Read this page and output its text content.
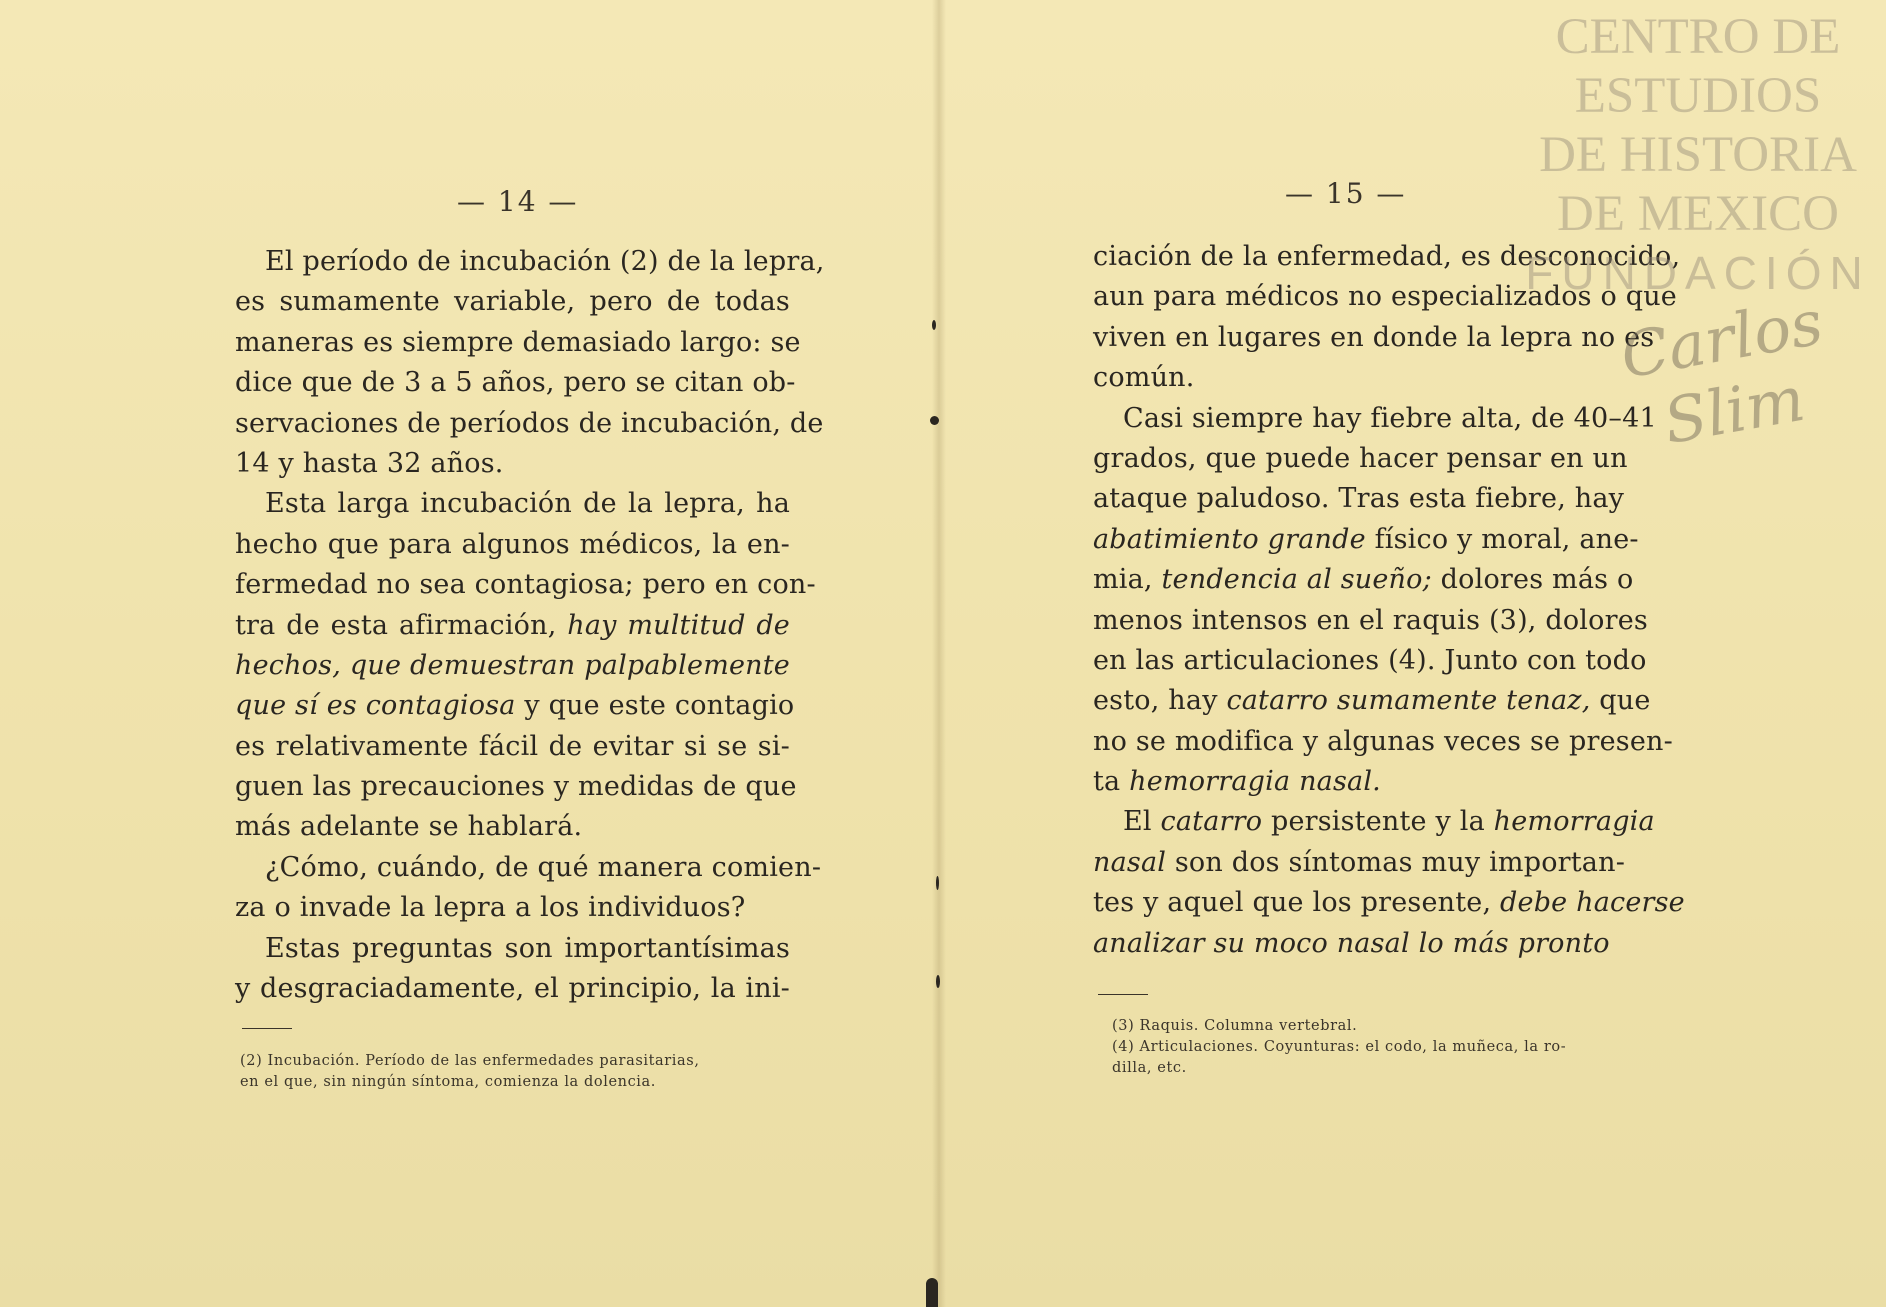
— 14 —
El período de incubación (2) de la lepra,
es sumamente variable, pero de todas
maneras es siempre demasiado largo: se
dice que de 3 a 5 años, pero se citan ob-
servaciones de períodos de incubación, de
14 y hasta 32 años.
Esta larga incubación de la lepra, ha
hecho que para algunos médicos, la en-
fermedad no sea contagiosa; pero en con-
tra de esta afirmación, hay multitud de
hechos, que demuestran palpablemente
que sí es contagiosa y que este contagio
es relativamente fácil de evitar si se si-
guen las precauciones y medidas de que
más adelante se hablará.
¿Cómo, cuándo, de qué manera comien-
za o invade la lepra a los individuos?
Estas preguntas son importantísimas
y desgraciadamente, el principio, la ini-
(2) Incubación. Período de las enfermedades parasitarias,
en el que, sin ningún síntoma, comienza la dolencia.
— 15 —
ciación de la enfermedad, es desconocido,
aun para médicos no especializados o que
viven en lugares en donde la lepra no es
común.
Casi siempre hay fiebre alta, de 40–41
grados, que puede hacer pensar en un
ataque paludoso. Tras esta fiebre, hay
abatimiento grande físico y moral, ane-
mia, tendencia al sueño; dolores más o
menos intensos en el raquis (3), dolores
en las articulaciones (4). Junto con todo
esto, hay catarro sumamente tenaz, que
no se modifica y algunas veces se presen-
ta hemorragia nasal.
El catarro persistente y la hemorragia
nasal son dos síntomas muy importan-
tes y aquel que los presente, debe hacerse
analizar su moco nasal lo más pronto
(3) Raquis. Columna vertebral.
(4) Articulaciones. Coyunturas: el codo, la muñeca, la ro-
dilla, etc.
CENTRO DE
ESTUDIOS
DE HISTORIA
DE MEXICO
FUNDACIÓN
Carlos Slim
